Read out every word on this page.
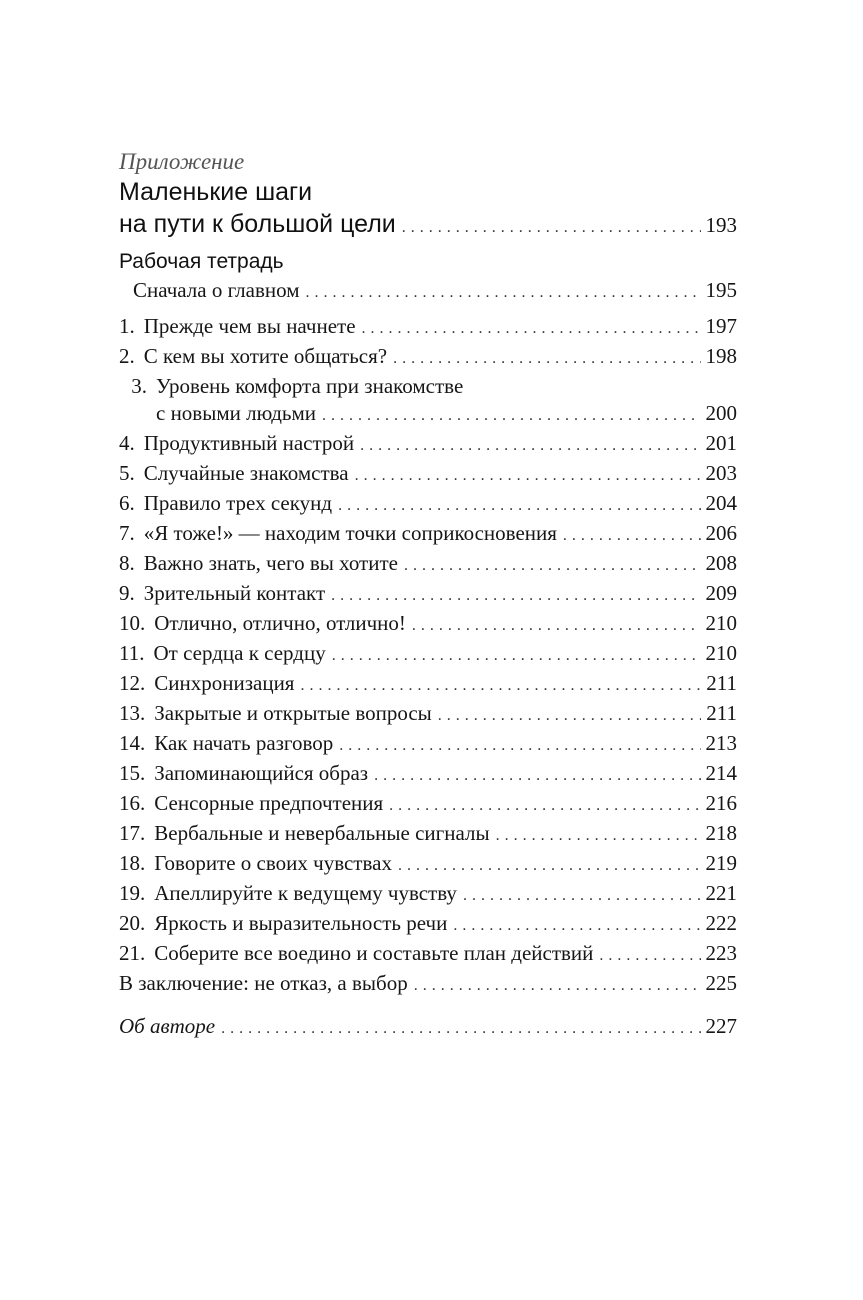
Приложение
Маленькие шаги
на пути к большой цели . . .	193
Рабочая тетрадь
Сначала о главном . . .	195
1. Прежде чем вы начнете . . .	197
2. С кем вы хотите общаться? . . .	198
3. Уровень комфорта при знакомстве
с новыми людьми . . .	200
4. Продуктивный настрой . . .	201
5. Случайные знакомства . . .	203
6. Правило трех секунд . . .	204
7. «Я тоже!» — находим точки соприкосновения . . .	206
8. Важно знать, чего вы хотите . . .	208
9. Зрительный контакт . . .	209
10. Отлично, отлично, отлично! . . .	210
11. От сердца к сердцу . . .	210
12. Синхронизация . . .	211
13. Закрытые и открытые вопросы . . .	211
14. Как начать разговор . . .	213
15. Запоминающийся образ . . .	214
16. Сенсорные предпочтения . . .	216
17. Вербальные и невербальные сигналы . . .	218
18. Говорите о своих чувствах . . .	219
19. Апеллируйте к ведущему чувству . . .	221
20. Яркость и выразительность речи . . .	222
21. Соберите все воедино и составьте план действий . . .	223
В заключение: не отказ, а выбор . . .	225
Об авторе . . .	227
